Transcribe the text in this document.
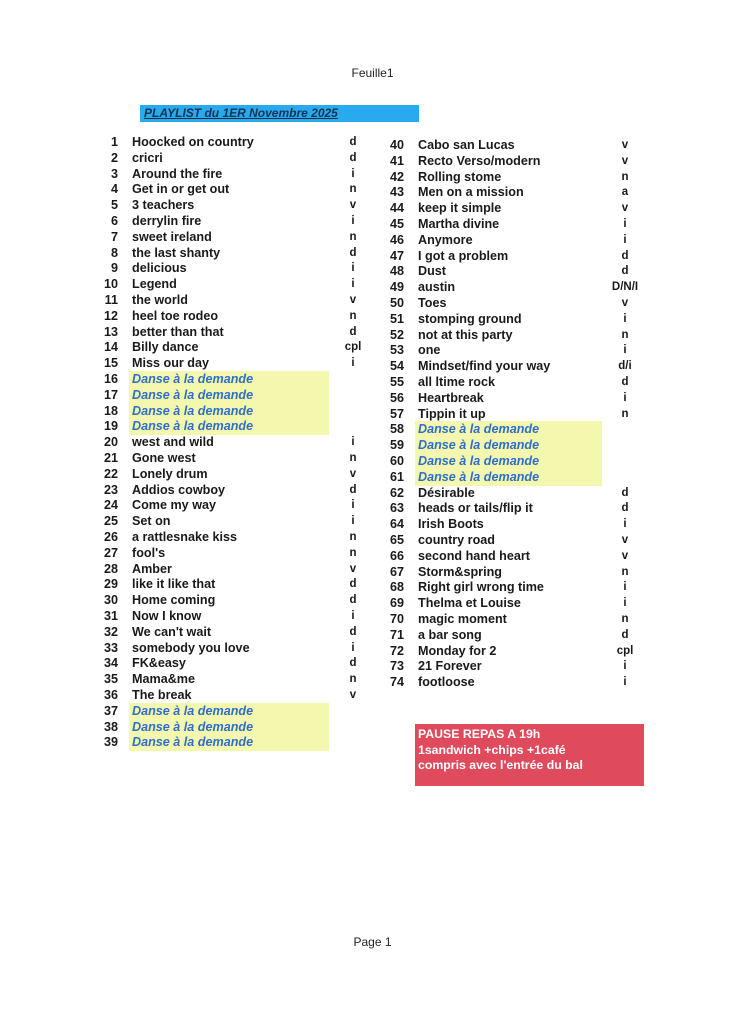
Feuille1
PLAYLIST du 1ER Novembre 2025
1 Hoocked on country	d
2 cricri	d
3 Around the fire	i
4 Get in or get out	n
5 3 teachers	v
6 derrylin fire	i
7 sweet ireland	n
8 the last shanty	d
9 delicious	i
10 Legend	i
11 the world	v
12 heel toe rodeo	n
13 better than that	d
14 Billy dance	cpl
15 Miss our day	i
16 Danse à la demande
17 Danse à la demande
18 Danse à la demande
19 Danse à la demande
20 west and wild	i
21 Gone west	n
22 Lonely drum	v
23 Addios cowboy	d
24 Come my way	i
25 Set on	i
26 a rattlesnake kiss	n
27 fool's	n
28 Amber	v
29 like it like that	d
30 Home coming	d
31 Now I know	i
32 We can't wait	d
33 somebody you love	i
34 FK&easy	d
35 Mama&me	n
36 The break	v
37 Danse à la demande
38 Danse à la demande
39 Danse à la demande
40 Cabo san Lucas	v
41 Recto Verso/modern	v
42 Rolling stome	n
43 Men on a mission	a
44 keep it simple	v
45 Martha divine	i
46 Anymore	i
47 I got a problem	d
48 Dust	d
49 austin	D/N/I
50 Toes	v
51 stomping ground	i
52 not at this party	n
53 one	i
54 Mindset/find your way	d/i
55 all ltime rock	d
56 Heartbreak	i
57 Tippin it up	n
58 Danse à la demande
59 Danse à la demande
60 Danse à la demande
61 Danse à la demande
62 Désirable	d
63 heads or tails/flip it	d
64 Irish Boots	i
65 country road	v
66 second hand heart	v
67 Storm&spring	n
68 Right girl wrong time	i
69 Thelma et Louise	i
70 magic moment	n
71 a bar song	d
72 Monday for 2	cpl
73 21 Forever	i
74 footloose	i
PAUSE REPAS A 19h
1sandwich +chips +1café
compris avec l'entrée du bal
Page 1
